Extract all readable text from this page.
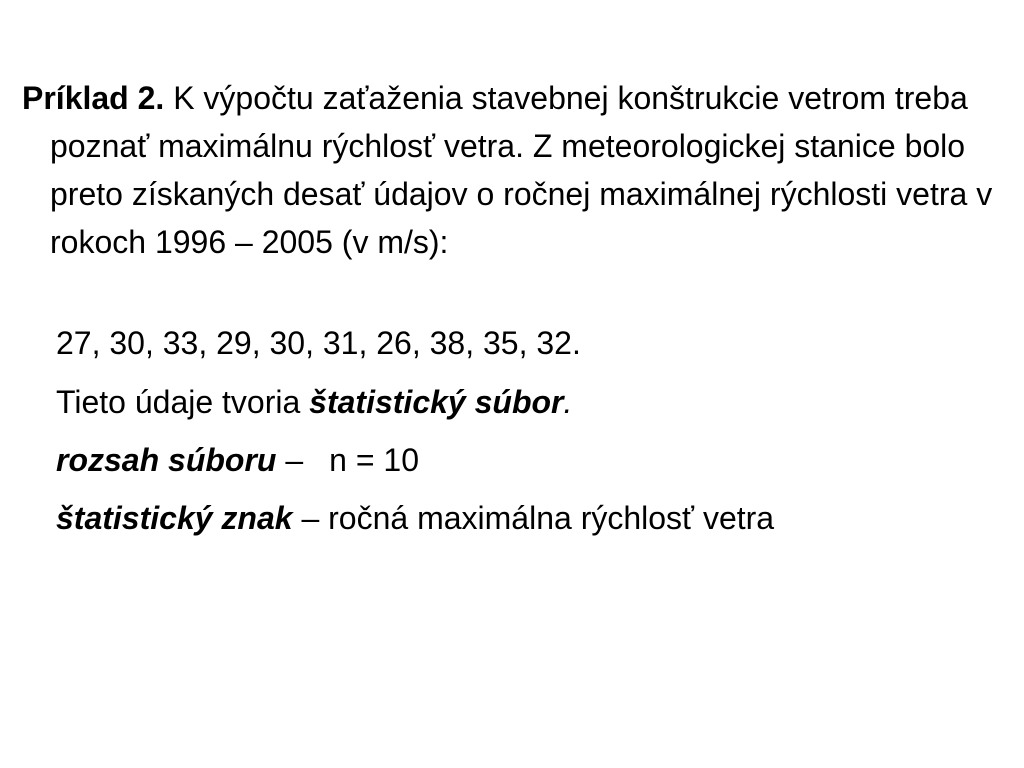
Príklad 2. K výpočtu zaťaženia stavebnej konštrukcie vetrom treba poznať maximálnu rýchlosť vetra. Z meteorologickej stanice bolo preto získaných desať údajov o ročnej maximálnej rýchlosti vetra v rokoch 1996 – 2005 (v m/s):

27, 30, 33, 29, 30, 31, 26, 38, 35, 32.

Tieto údaje tvoria štatistický súbor.

rozsah súboru – n = 10

štatistický znak – ročná maximálna rýchlosť vetra
